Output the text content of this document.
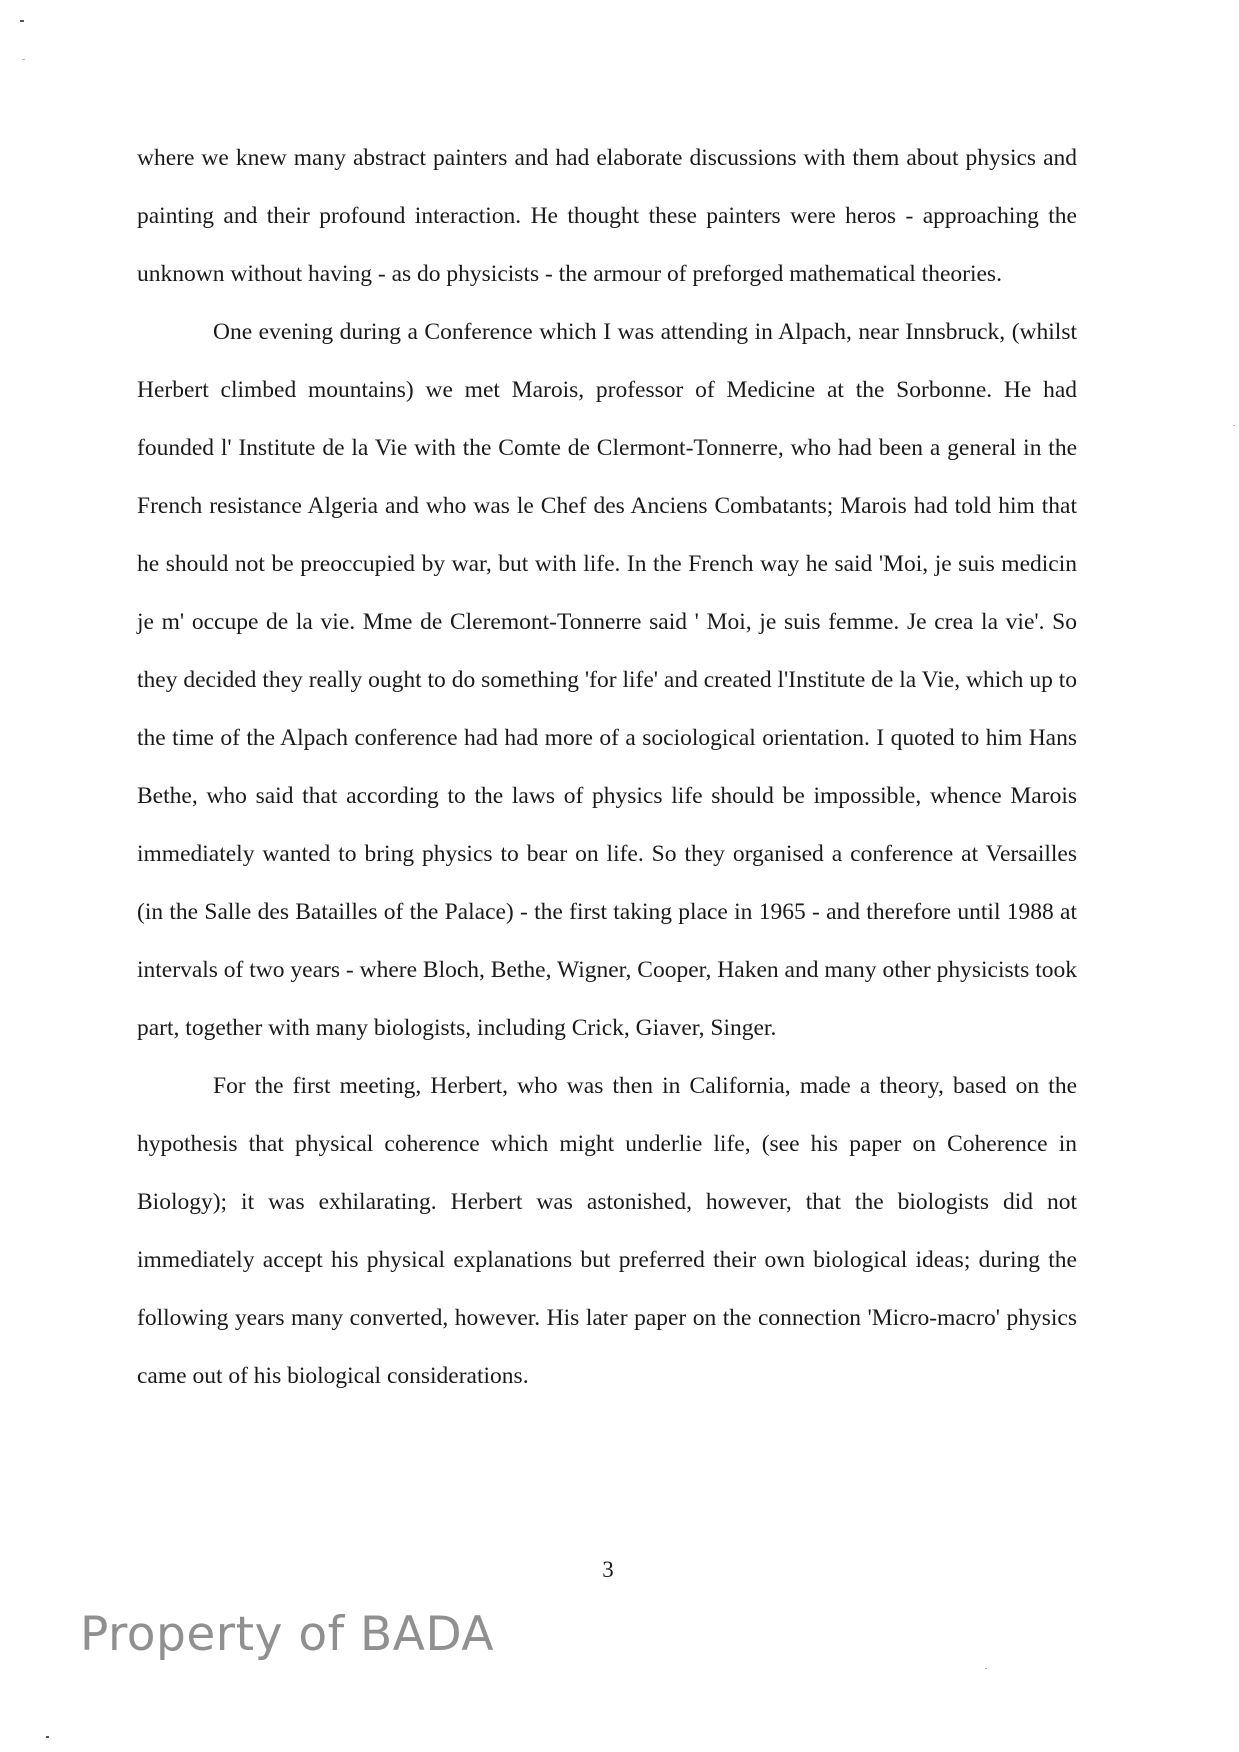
where we knew many abstract painters and had elaborate discussions with them about physics and painting and their profound interaction. He thought these painters were heros - approaching the unknown without having - as do physicists - the armour of preforged mathematical theories.

One evening during a Conference which I was attending in Alpach, near Innsbruck, (whilst Herbert climbed mountains) we met Marois, professor of Medicine at the Sorbonne. He had founded l' Institute de la Vie with the Comte de Clermont-Tonnerre, who had been a general in the French resistance Algeria and who was le Chef des Anciens Combatants; Marois had told him that he should not be preoccupied by war, but with life. In the French way he said 'Moi, je suis medicin je m' occupe de la vie. Mme de Cleremont-Tonnerre said ' Moi, je suis femme. Je crea la vie'. So they decided they really ought to do something 'for life' and created l'Institute de la Vie, which up to the time of the Alpach conference had had more of a sociological orientation. I quoted to him Hans Bethe, who said that according to the laws of physics life should be impossible, whence Marois immediately wanted to bring physics to bear on life. So they organised a conference at Versailles (in the Salle des Batailles of the Palace) - the first taking place in 1965 - and therefore until 1988 at intervals of two years - where Bloch, Bethe, Wigner, Cooper, Haken and many other physicists took part, together with many biologists, including Crick, Giaver, Singer.

For the first meeting, Herbert, who was then in California, made a theory, based on the hypothesis that physical coherence which might underlie life, (see his paper on Coherence in Biology); it was exhilarating. Herbert was astonished, however, that the biologists did not immediately accept his physical explanations but preferred their own biological ideas; during the following years many converted, however. His later paper on the connection 'Micro-macro' physics came out of his biological considerations.

3
Property of BADA
